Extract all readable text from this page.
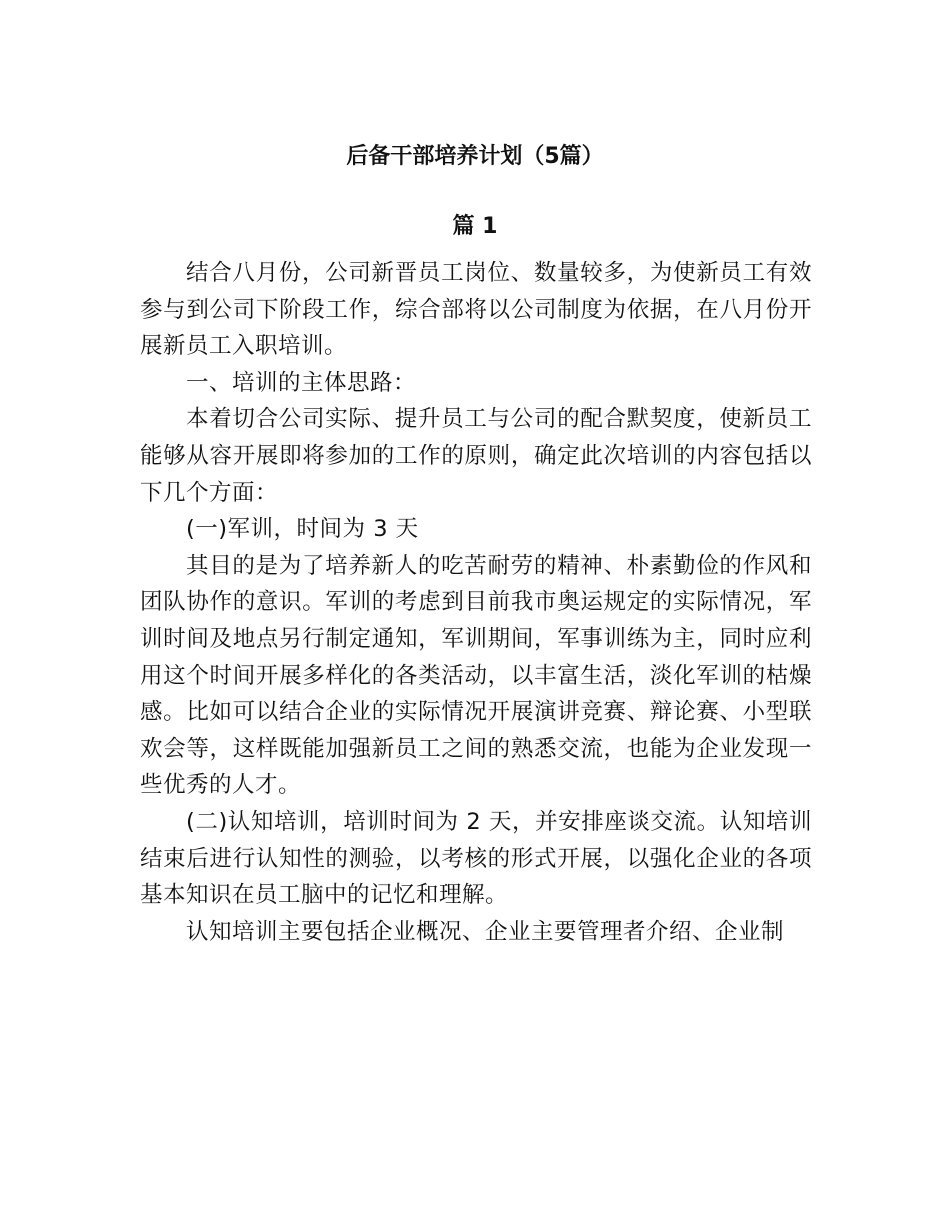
后备干部培养计划（5篇）
篇 1

结合八月份，公司新晋员工岗位、数量较多，为使新员工有效参与到公司下阶段工作，综合部将以公司制度为依据，在八月份开展新员工入职培训。

一、培训的主体思路：

本着切合公司实际、提升员工与公司的配合默契度，使新员工能够从容开展即将参加的工作的原则，确定此次培训的内容包括以下几个方面：

(一)军训，时间为 3 天

其目的是为了培养新人的吃苦耐劳的精神、朴素勤俭的作风和团队协作的意识。军训的考虑到目前我市奥运规定的实际情况，军训时间及地点另行制定通知，军训期间，军事训练为主，同时应利用这个时间开展多样化的各类活动，以丰富生活，淡化军训的枯燥感。比如可以结合企业的实际情况开展演讲竞赛、辩论赛、小型联欢会等，这样既能加强新员工之间的熟悉交流，也能为企业发现一些优秀的人才。

(二)认知培训，培训时间为 2 天，并安排座谈交流。认知培训结束后进行认知性的测验，以考核的形式开展，以强化企业的各项基本知识在员工脑中的记忆和理解。

认知培训主要包括企业概况、企业主要管理者介绍、企业制
